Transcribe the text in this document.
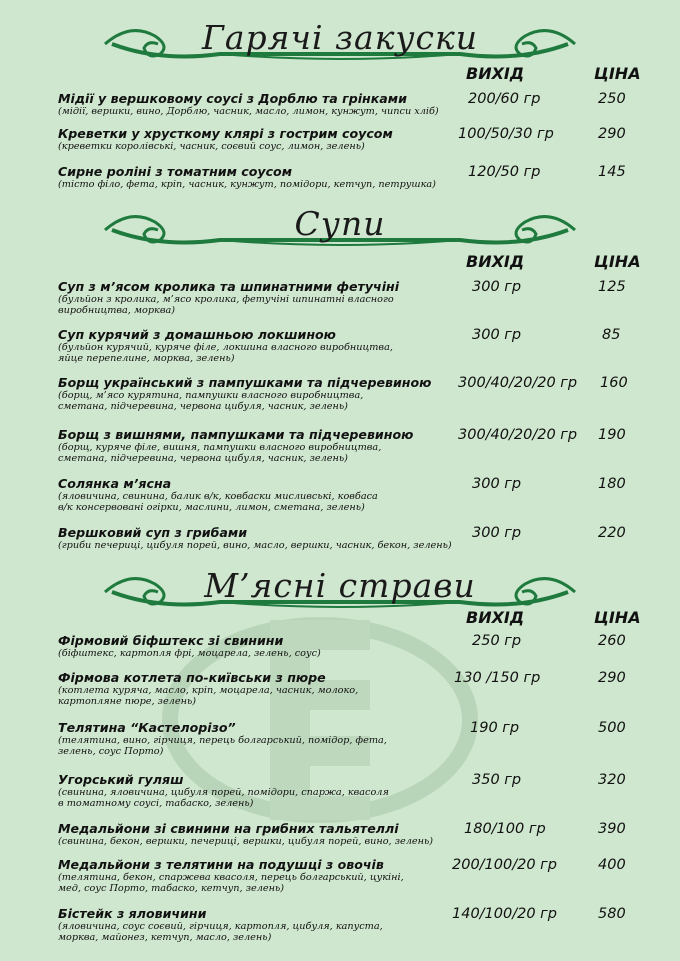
Гарячі закуски
ВИХІД	ЦІНА
Мідії у вершковому соусі з Дорблю та грінками
(мідії, вершки, вино, Дорблю, часник, масло, лимон, кунжут, чипси хліб)
200/60 гр	250
Креветки у хрусткому клярі з гострим соусом
(креветки королівські, часник, соєвий соус, лимон, зелень)
100/50/30 гр	290
Сирне роліні з томатним соусом
(тісто філо, фета, кріп, часник, кунжут, помідори, кетчуп, петрушка)
120/50 гр	145
Супи
ВИХІД	ЦІНА
Суп з м’ясом кролика та шпинатними фетучіні
(бульйон з кролика, м’ясо кролика, фетучіні шпинатні власного
виробництва, морква)
300 гр	125
Суп курячий з домашньою локшиною
(бульйон курячий, куряче філе, локшина власного виробництва,
яйце перепелине, морква, зелень)
300 гр	85
Борщ український з пампушками та підчеревиною
(борщ, м’ясо курятина, пампушки власного виробництва,
сметана, підчеревина, червона цибуля, часник, зелень)
300/40/20/20 гр 160
Борщ з вишнями, пампушками та підчеревиною
(борщ, куряче філе, вишня, пампушки власного виробництва,
сметана, підчеревина, червона цибуля, часник, зелень)
300/40/20/20 гр 190
Солянка м’ясна
(яловичина, свинина, балик в/к, ковбаски мисливські, ковбаса
в/к консервовані огірки, маслини, лимон, сметана, зелень)
300 гр	180
Вершковий суп з грибами
(гриби печериці, цибуля порей, вино, масло, вершки, часник, бекон, зелень)
300 гр	220
М’ясні страви
ВИХІД	ЦІНА
Фірмовий біфштекс зі свинини
(біфштекс, картопля фрі, моцарела, зелень, соус)
250 гр	260
Фірмова котлета по-київськи з пюре
(котлета куряча, масло, кріп, моцарела, часник, молоко,
картопляне пюре, зелень)
130 /150 гр	290
Телятина “Кастелорізо”
(телятина, вино, гірчиця, перець болгарський, помідор, фета,
зелень, соус Порто)
190 гр	500
Угорський гуляш
(свинина, яловичина, цибуля порей, помідори, спаржа, квасоля
в томатному соусі, табаско, зелень)
350 гр	320
Медальйони зі свинини на грибних тальятеллі
(свинина, бекон, вершки, печериці, вершки, цибуля порей, вино, зелень)
180/100 гр	390
Медальйони з телятини на подушці з овочів
(телятина, бекон, спаржева квасоля, перець болгарський, цукіні,
мед, соус Порто, табаско, кетчуп, зелень)
200/100/20 гр	400
Бістейк з яловичини
(яловичина, соус соєвий, гірчиця, картопля, цибуля, капуста,
морква, майонез, кетчуп, масло, зелень)
140/100/20 гр	580
